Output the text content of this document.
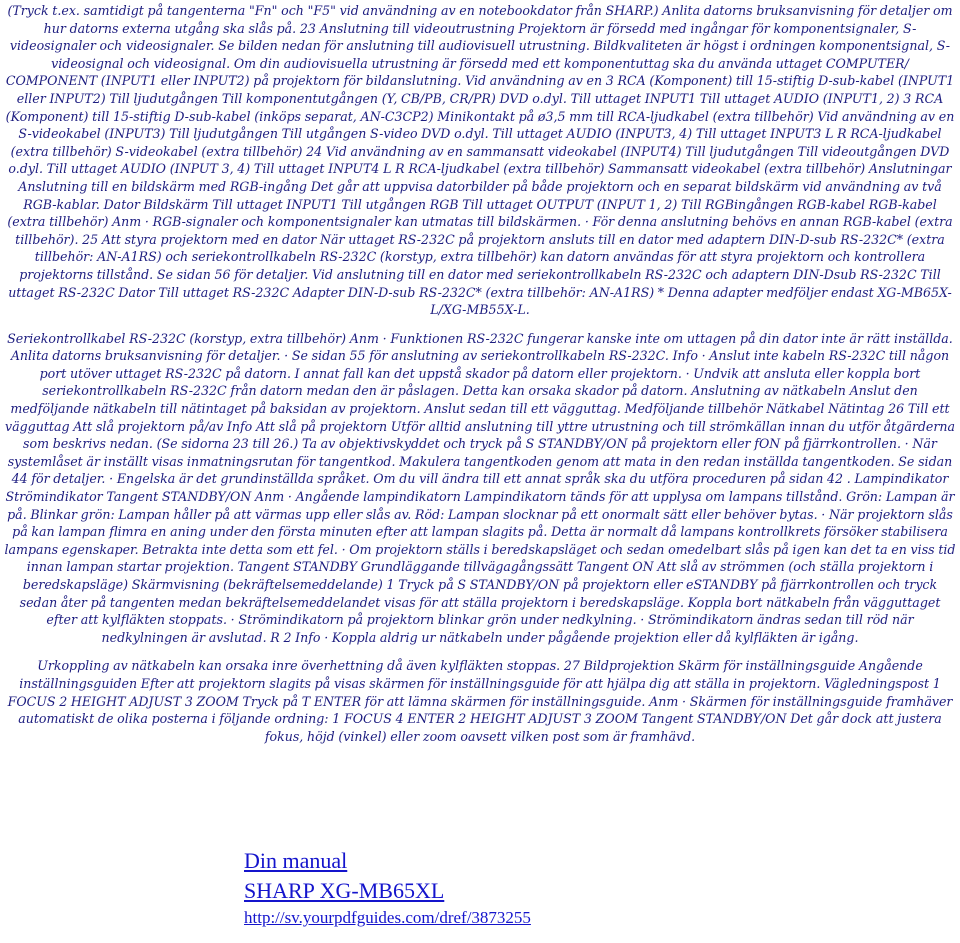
(Tryck t.ex. samtidigt på tangenterna "Fn" och "F5" vid användning av en notebookdator från SHARP.) Anlita datorns bruksanvisning för detaljer om hur datorns externa utgång ska slås på. 23 Anslutning till videoutrustning Projektorn är försedd med ingångar för komponentsignaler, S-videosignaler och videosignaler. Se bilden nedan för anslutning till audiovisuell utrustning. Bildkvaliteten är högst i ordningen komponentsignal, S-videosignal och videosignal. Om din audiovisuella utrustning är försedd med ett komponentuttag ska du använda uttaget COMPUTER/ COMPONENT (INPUT1 eller INPUT2) på projektorn för bildanslutning. Vid användning av en 3 RCA (Komponent) till 15-stiftig D-sub-kabel (INPUT1 eller INPUT2) Till ljudutgången Till komponentutgången (Y, CB/PB, CR/PR) DVD o.dyl. Till uttaget INPUT1 Till uttaget AUDIO (INPUT1, 2) 3 RCA (Komponent) till 15-stiftig D-sub-kabel (inköps separat, AN-C3CP2) Minikontakt på ø3,5 mm till RCA-ljudkabel (extra tillbehör) Vid användning av en S-videokabel (INPUT3) Till ljudutgången Till utgången S-video DVD o.dyl. Till uttaget AUDIO (INPUT3, 4) Till uttaget INPUT3 L R RCA-ljudkabel (extra tillbehör) S-videokabel (extra tillbehör) 24 Vid användning av en sammansatt videokabel (INPUT4) Till ljudutgången Till videoutgången DVD o.dyl. Till uttaget AUDIO (INPUT 3, 4) Till uttaget INPUT4 L R RCA-ljudkabel (extra tillbehör) Sammansatt videokabel (extra tillbehör) Anslutningar Anslutning till en bildskärm med RGB-ingång Det går att uppvisa datorbilder på både projektorn och en separat bildskärm vid användning av två RGB-kablar. Dator Bildskärm Till uttaget INPUT1 Till utgången RGB Till uttaget OUTPUT (INPUT 1, 2) Till RGBingången RGB-kabel RGB-kabel (extra tillbehör) Anm · RGB-signaler och komponentsignaler kan utmatas till bildskärmen. · För denna anslutning behövs en annan RGB-kabel (extra tillbehör). 25 Att styra projektorn med en dator När uttaget RS-232C på projektorn ansluts till en dator med adaptern DIN-D-sub RS-232C* (extra tillbehör: AN-A1RS) och seriekontrollkabeln RS-232C (korstyp, extra tillbehör) kan datorn användas för att styra projektorn och kontrollera projektorns tillstånd. Se sidan 56 för detaljer. Vid anslutning till en dator med seriekontrollkabeln RS-232C och adaptern DIN-Dsub RS-232C Till uttaget RS-232C Dator Till uttaget RS-232C Adapter DIN-D-sub RS-232C* (extra tillbehör: AN-A1RS) * Denna adapter medföljer endast XG-MB65X-L/XG-MB55X-L.

Seriekontrollkabel RS-232C (korstyp, extra tillbehör) Anm · Funktionen RS-232C fungerar kanske inte om uttagen på din dator inte är rätt inställda. Anlita datorns bruksanvisning för detaljer. · Se sidan 55 för anslutning av seriekontrollkabeln RS-232C. Info · Anslut inte kabeln RS-232C till någon port utöver uttaget RS-232C på datorn. I annat fall kan det uppstå skador på datorn eller projektorn. · Undvik att ansluta eller koppla bort seriekontrollkabeln RS-232C från datorn medan den är påslagen. Detta kan orsaka skador på datorn. Anslutning av nätkabeln Anslut den medföljande nätkabeln till nätintaget på baksidan av projektorn. Anslut sedan till ett vägguttag. Medföljande tillbehör Nätkabel Nätintag 26 Till ett vägguttag Att slå projektorn på/av Info Att slå på projektorn Utför alltid anslutning till yttre utrustning och till strömkällan innan du utför åtgärderna som beskrivs nedan. (Se sidorna 23 till 26.) Ta av objektivskyddet och tryck på S STANDBY/ON på projektorn eller fON på fjärrkontrollen. · När systemlåset är inställt visas inmatningsrutan för tangentkod. Makulera tangentkoden genom att mata in den redan inställda tangentkoden. Se sidan 44 för detaljer. · Engelska är det grundinställda språket. Om du vill ändra till ett annat språk ska du utföra proceduren på sidan 42 . Lampindikator Strömindikator Tangent STANDBY/ON Anm · Angående lampindikatorn Lampindikatorn tänds för att upplysa om lampans tillstånd. Grön: Lampan är på. Blinkar grön: Lampan håller på att värmas upp eller slås av. Röd: Lampan slocknar på ett onormalt sätt eller behöver bytas. · När projektorn slås på kan lampan flimra en aning under den första minuten efter att lampan slagits på. Detta är normalt då lampans kontrollkrets försöker stabilisera lampans egenskaper. Betrakta inte detta som ett fel. · Om projektorn ställs i beredskapsläget och sedan omedelbart slås på igen kan det ta en viss tid innan lampan startar projektion. Tangent STANDBY Grundläggande tillvägagångssätt Tangent ON Att slå av strömmen (och ställa projektorn i beredskapsläge) Skärmvisning (bekräftelsemeddelande) 1 Tryck på S STANDBY/ON på projektorn eller eSTANDBY på fjärrkontrollen och tryck sedan åter på tangenten medan bekräftelsemeddelandet visas för att ställa projektorn i beredskapsläge. Koppla bort nätkabeln från vägguttaget efter att kylfläkten stoppats. · Strömindikatorn på projektorn blinkar grön under nedkylning. · Strömindikatorn ändras sedan till röd när nedkylningen är avslutad. R 2 Info · Koppla aldrig ur nätkabeln under pågående projektion eller då kylfläkten är igång.

Urkoppling av nätkabeln kan orsaka inre överhettning då även kylfläkten stoppas. 27 Bildprojektion Skärm för inställningsguide Angående inställningsguiden Efter att projektorn slagits på visas skärmen för inställningsguide för att hjälpa dig att ställa in projektorn. Vägledningspost 1 FOCUS 2 HEIGHT ADJUST 3 ZOOM Tryck på T ENTER för att lämna skärmen för inställningsguide. Anm · Skärmen för inställningsguide framhäver automatiskt de olika posterna i följande ordning: 1 FOCUS 4 ENTER 2 HEIGHT ADJUST 3 ZOOM Tangent STANDBY/ON Det går dock att justera fokus, höjd (vinkel) eller zoom oavsett vilken post som är framhävd.

Din manual
SHARP XG-MB65XL
http://sv.yourpdfguides.com/dref/3873255
